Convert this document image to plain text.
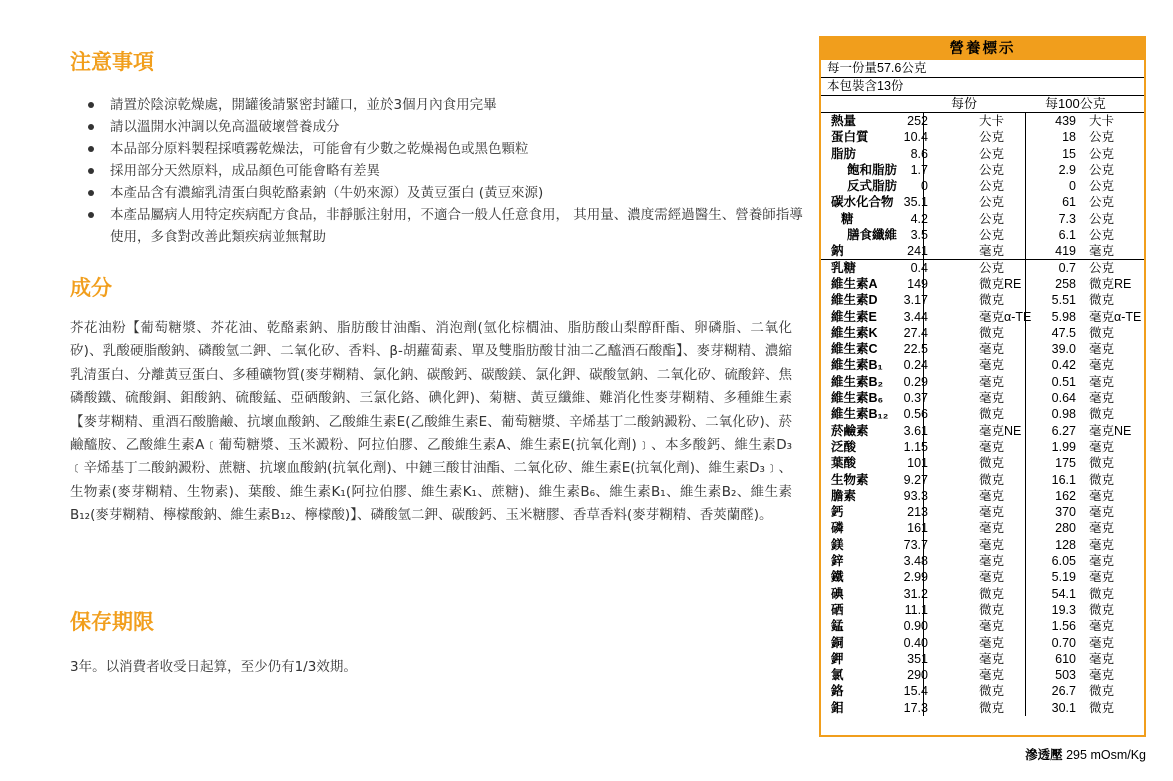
注意事項
請置於陰涼乾燥處，開罐後請緊密封罐口，並於3個月內食用完畢
請以溫開水沖調以免高溫破壞營養成分
本品部分原料製程採噴霧乾燥法，可能會有少數之乾燥褐色或黑色顆粒
採用部分天然原料，成品顏色可能會略有差異
本產品含有濃縮乳清蛋白與乾酪素鈉（牛奶來源）及黃豆蛋白 (黃豆來源)
本產品屬病人用特定疾病配方食品，非靜脈注射用，不適合一般人任意食用， 其用量、濃度需經過醫生、營養師指導使用，多食對改善此類疾病並無幫助
成分

芥花油粉【葡萄糖漿、芥花油、乾酪素鈉、脂肪酸甘油酯、消泡劑(氫化棕櫚油、脂肪酸山梨醇酐酯、卵磷脂、二氧化矽)、乳酸硬脂酸鈉、磷酸氫二鉀、二氧化矽、香料、β-胡蘿蔔素、單及雙脂肪酸甘油二乙醯酒石酸酯】、麥芽糊精、濃縮乳清蛋白、分離黃豆蛋白、多種礦物質(麥芽糊精、氯化鈉、碳酸鈣、碳酸鎂、氯化鉀、碳酸氫鈉、二氧化矽、硫酸鋅、焦磷酸鐵、硫酸銅、鉬酸鈉、硫酸錳、亞硒酸鈉、三氯化鉻、碘化鉀)、菊糖、黃豆纖維、難消化性麥芽糊精、多種維生素【麥芽糊精、重酒石酸膽鹼、抗壞血酸鈉、乙酸維生素E(乙酸維生素E、葡萄糖漿、辛烯基丁二酸鈉澱粉、二氧化矽)、菸鹼醯胺、乙酸維生素A﹝葡萄糖漿、玉米澱粉、阿拉伯膠、乙酸維生素A、維生素E(抗氧化劑)﹞、本多酸鈣、維生素D₃﹝辛烯基丁二酸鈉澱粉、蔗糖、抗壞血酸鈉(抗氧化劑)、中鏈三酸甘油酯、二氧化矽、維生素E(抗氧化劑)、維生素D₃﹞、生物素(麥芽糊精、生物素)、葉酸、維生素K₁(阿拉伯膠、維生素K₁、蔗糖)、維生素B₆、維生素B₁、維生素B₂、維生素B₁₂(麥芽糊精、檸檬酸鈉、維生素B₁₂、檸檬酸)】、磷酸氫二鉀、碳酸鈣、玉米糖膠、香草香料(麥芽糊精、香莢蘭醛)。

保存期限

3年。以消費者收受日起算，至少仍有1/3效期。

營養標示
每一份量57.6公克
本包裝含13份
每份	每100公克
熱量	252	大卡	439 大卡
蛋白質	10.4	公克	18 公克
脂肪	8.6	公克	15 公克
飽和脂肪 1.7	公克	2.9 公克
反式脂肪 0	公克	0 公克
碳水化合物 35.1	公克	61 公克
糖	4.2	公克	7.3 公克
膳食纖維 3.5	公克	6.1 公克
鈉	241	毫克	419 毫克
乳糖	0.4	公克	0.7 公克
維生素A 149	微克RE	258 微克RE
維生素D 3.17	微克	5.51 微克
維生素E 3.44	毫克α-TE 5.98 毫克α-TE
維生素K 27.4	微克	47.5 微克
維生素C 22.5	毫克	39.0 毫克
維生素B₁ 0.24	毫克	0.42 毫克
維生素B₂ 0.29	毫克	0.51 毫克
維生素B₆ 0.37	毫克	0.64 毫克
維生素B₁₂ 0.56	微克	0.98 微克
菸鹼素	3.61	毫克NE 6.27 毫克NE
泛酸	1.15	毫克	1.99 毫克
葉酸	101	微克	175 微克
生物素	9.27	微克	16.1 微克
膽素	93.3	毫克	162 毫克
鈣	213	毫克	370 毫克
磷	161	毫克	280 毫克
鎂	73.7	毫克	128 毫克
鋅	3.48	毫克	6.05 毫克
鐵	2.99	毫克	5.19 毫克
碘	31.2	微克	54.1 微克
硒	11.1	微克	19.3 微克
錳	0.90	毫克	1.56 毫克
銅	0.40	毫克	0.70 毫克
鉀	351	毫克	610 毫克
氯	290	毫克	503 毫克
鉻	15.4	微克	26.7 微克
鉬	17.3	微克	30.1 微克
滲透壓 295 mOsm/Kg
